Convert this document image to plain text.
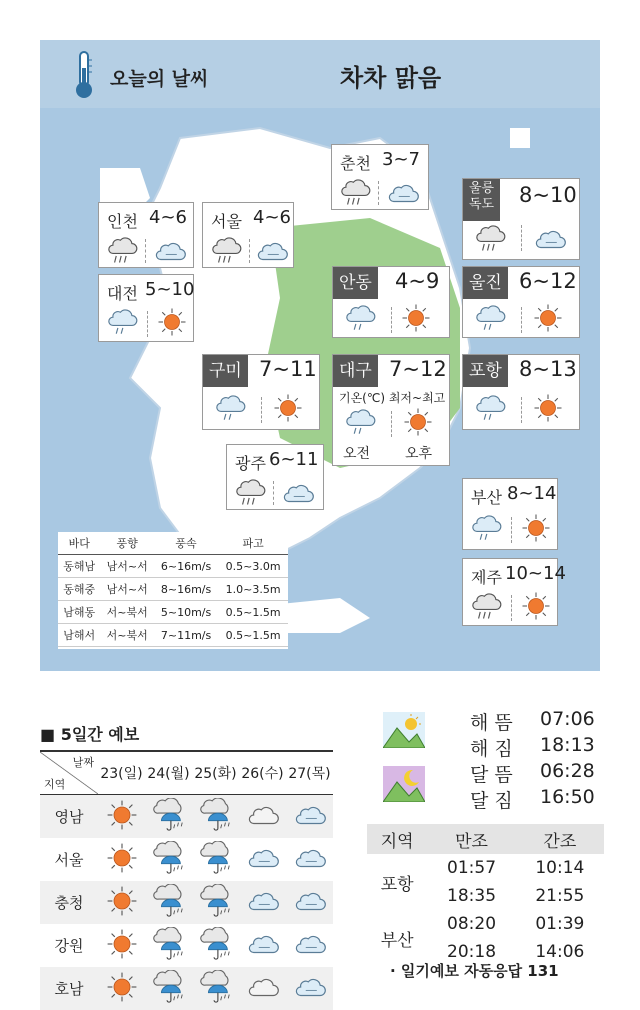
오늘의 날씨	차차 맑음
춘천 3~7
인천 4~6 서울 4~6
울릉
독도 8~10
대전 5~10	안동 4~9	울진 6~12
구미 7~11	대구 7~12
기온(℃) 최저~최고
오전 오후
포항 8~13
광주 6~11
부산 8~14
제주 10~14
바다	풍향	풍속	파고
동해남	남서~서	6~16m/s	0.5~3.0m
동해중	남서~서	8~16m/s	1.0~3.5m
남해동	서~북서	5~10m/s	0.5~1.5m
남해서	서~북서	7~11m/s	0.5~1.5m
■ 5일간 예보
날짜
지역	23(일)	24(월)	25(화)	26(수)	27(목)
영남					
서울					
충청					
강원					
호남					
해 뜸 07:06
해 짐 18:13
달 뜸 06:28
달 짐 16:50
지역	만조	간조
포항	01:57	10:14
	18:35	21:55
부산	08:20	01:39
	20:18	14:06
· 일기예보 자동응답 131
